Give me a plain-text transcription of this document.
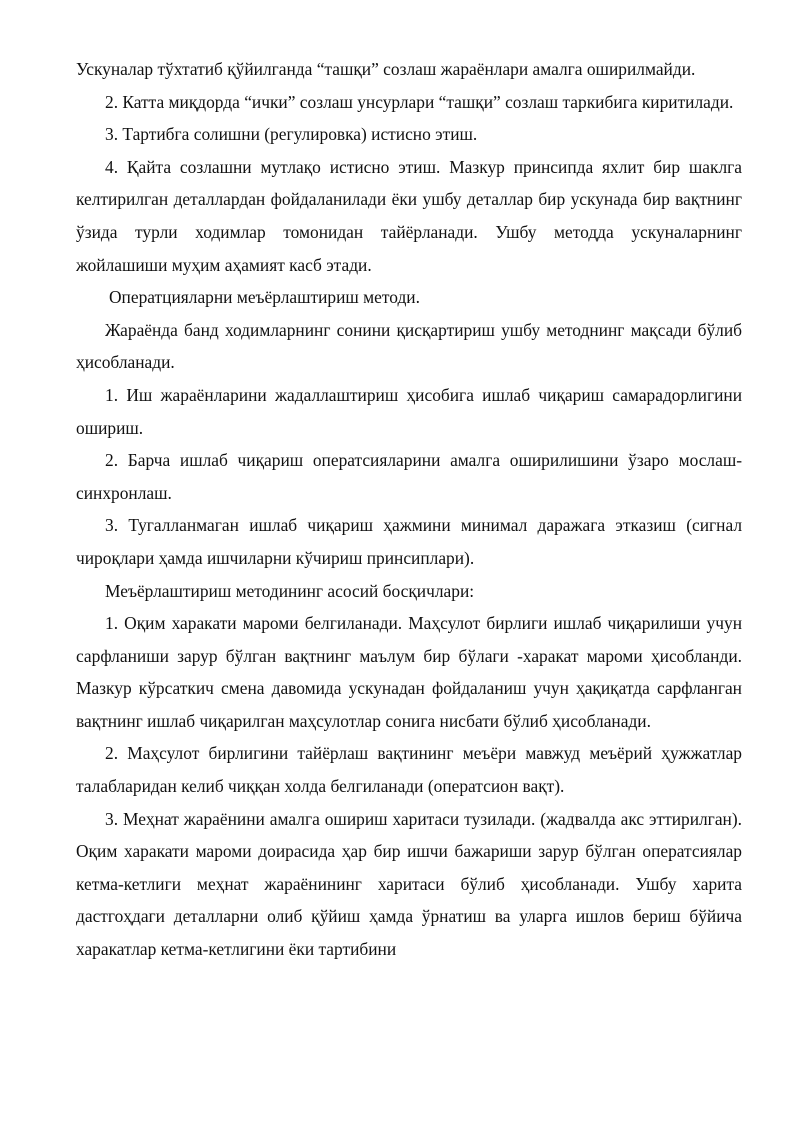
Ускуналар тўхтатиб қўйилганда “ташқи” созлаш жараёнлари амалга оширилмайди.

2. Катта миқдорда “ички” созлаш унсурлари “ташқи” созлаш таркибига киритилади.

3. Тартибга солишни (регулировка) истисно этиш.

4. Қайта созлашни мутлақо истисно этиш. Мазкур принсипда яхлит бир шаклга келтирилган деталлардан фойдаланилади ёки ушбу деталлар бир ускунада бир вақтнинг ўзида турли ходимлар томонидан тайёрланади. Ушбу методда ускуналарнинг жойлашиши муҳим аҳамият касб этади.

Оператцияларни меъёрлаштириш методи.

Жараёнда банд ходимларнинг сонини қисқартириш ушбу методнинг мақсади бўлиб ҳисобланади.

1. Иш жараёнларини жадаллаштириш ҳисобига ишлаб чиқариш самарадорлигини ошириш.

2. Барча ишлаб чиқариш оператсияларини амалга оширилишини ўзаро мослаш-синхронлаш.

3. Тугалланмаган ишлаб чиқариш ҳажмини минимал даражага этказиш (сигнал чироқлари ҳамда ишчиларни кўчириш принсиплари).

Меъёрлаштириш методининг асосий босқичлари:

1. Оқим харакати мароми белгиланади. Маҳсулот бирлиги ишлаб чиқарилиши учун сарфланиши зарур бўлган вақтнинг маълум бир бўлаги -харакат мароми ҳисобланди. Мазкур кўрсаткич смена давомида ускунадан фойдаланиш учун ҳақиқатда сарфланган вақтнинг ишлаб чиқарилган маҳсулотлар сонига нисбати бўлиб ҳисобланади.

2. Маҳсулот бирлигини тайёрлаш вақтининг меъёри мавжуд меъёрий ҳужжатлар талабларидан келиб чиққан холда белгиланади (оператсион вақт).

3. Меҳнат жараёнини амалга ошириш харитаси тузилади. (жадвалда акс эттирилган). Оқим харакати мароми доирасида ҳар бир ишчи бажариши зарур бўлган оператсиялар кетма-кетлиги меҳнат жараёнининг харитаси бўлиб ҳисобланади. Ушбу харита дастгоҳдаги деталларни олиб қўйиш ҳамда ўрнатиш ва уларга ишлов бериш бўйича харакатлар кетма-кетлигини ёки тартибини
